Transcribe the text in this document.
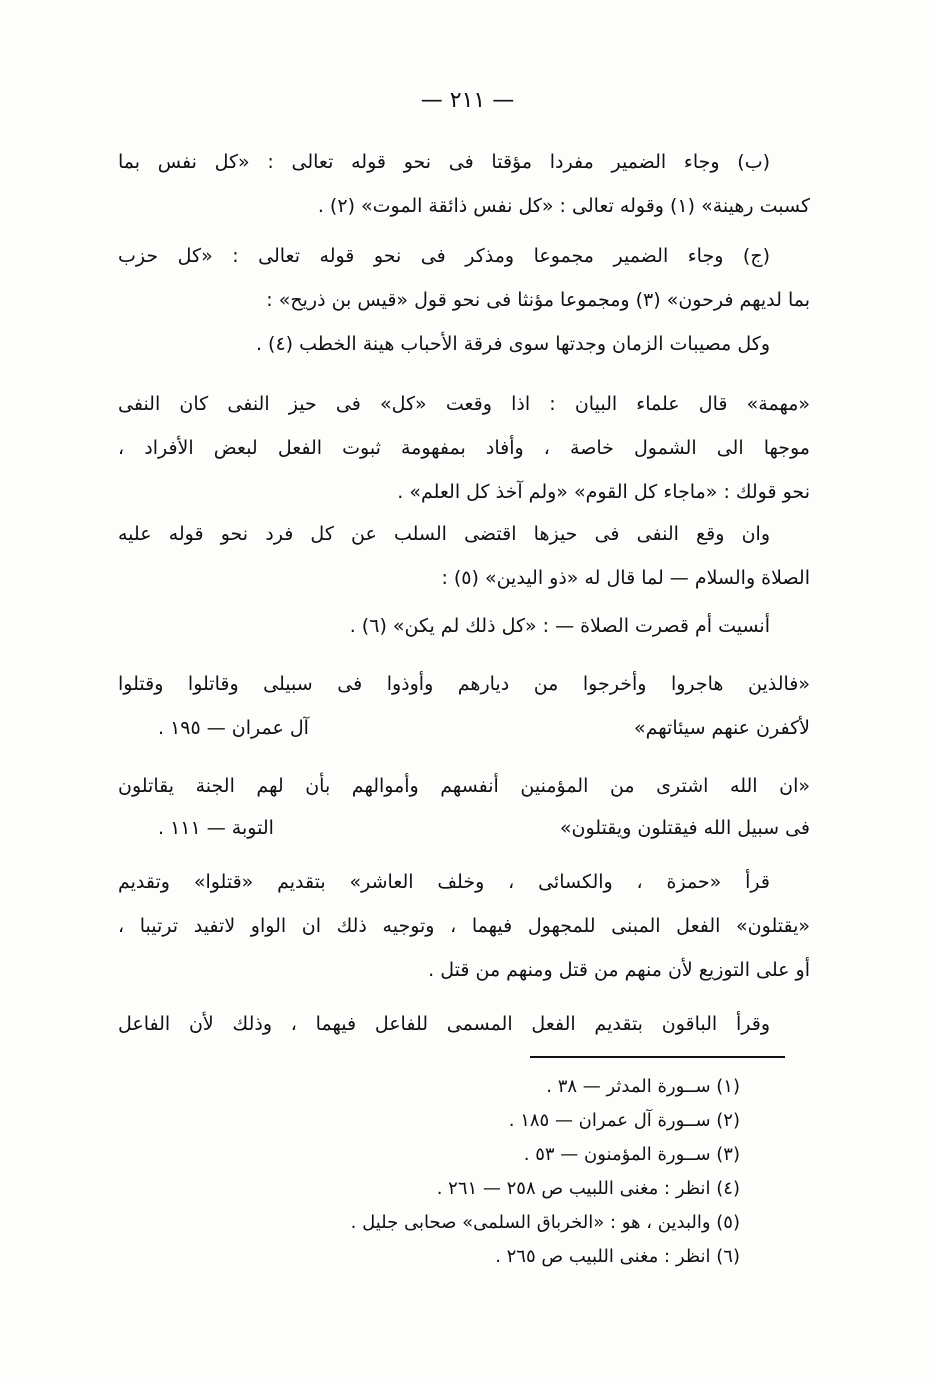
— ٢١١ —
(ب) وجاء الضمير مفردا مؤقتا فى نحو قوله تعالى : «كل نفس بما
كسبت رهينة» (١) وقوله تعالى : «كل نفس ذائقة الموت» (٢) .
(ج) وجاء الضمير مجموعا ومذكر فى نحو قوله تعالى : «كل حزب
بما لديهم فرحون» (٣) ومجموعا مؤنثا فى نحو قول «قيس بن ذريح» :
وكل مصيبات الزمان وجدتها سوى فرقة الأحباب هينة الخطب (٤) .
«مهمة» قال علماء البيان : اذا وقعت «كل» فى حيز النفى كان النفى
موجها الى الشمول خاصة ، وأفاد بمفهومة ثبوت الفعل لبعض الأفراد ،
نحو قولك : «ماجاء كل القوم» «ولم آخذ كل العلم» .
وان وقع النفى فى حيزها اقتضى السلب عن كل فرد نحو قوله عليه
الصلاة والسلام — لما قال له «ذو اليدين» (٥) :
أنسيت أم قصرت الصلاة — : «كل ذلك لم يكن» (٦) .
«فالذين هاجروا وأخرجوا من ديارهم وأوذوا فى سبيلى وقاتلوا وقتلوا
لأكفرن عنهم سيئاتهم»
آل عمران — ١٩٥ .
«ان الله اشترى من المؤمنين أنفسهم وأموالهم بأن لهم الجنة يقاتلون
فى سبيل الله فيقتلون ويقتلون»
التوبة — ١١١ .
قرأ «حمزة ، والكسائى ، وخلف العاشر» بتقديم «قتلوا» وتقديم
«يقتلون» الفعل المبنى للمجهول فيهما ، وتوجيه ذلك ان الواو لاتفيد ترتيبا ،
أو على التوزيع لأن منهم من قتل ومنهم من قتل .
وقرأ الباقون بتقديم الفعل المسمى للفاعل فيهما ، وذلك لأن الفاعل
(١) ســورة المدثر — ٣٨ .
(٢) ســورة آل عمران — ١٨٥ .
(٣) ســورة المؤمنون — ٥٣ .
(٤) انظر : مغنى اللبيب ص ٢٥٨ — ٢٦١ .
(٥) والبدين ، هو : «الخرباق السلمى» صحابى جليل .
(٦) انظر : مغنى اللبيب ص ٢٦٥ .
